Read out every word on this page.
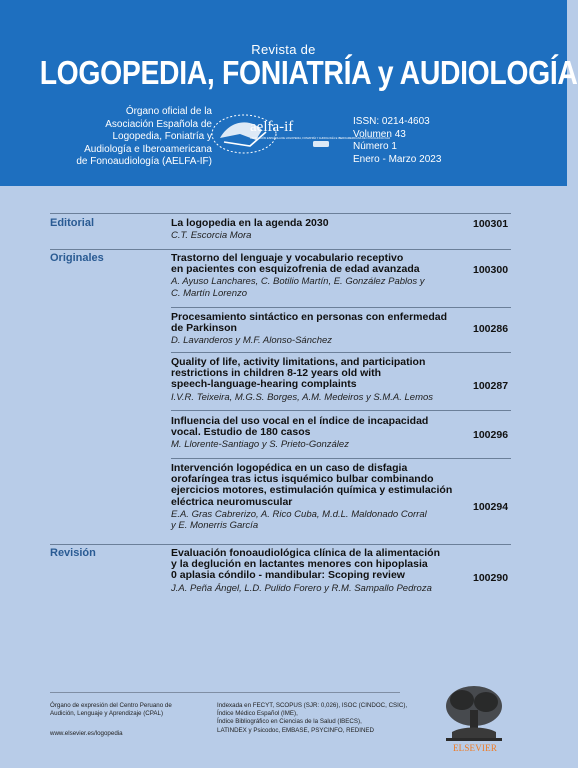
Revista de
LOGOPEDIA, FONIATRÍA y AUDIOLOGÍA
Órgano oficial de la
Asociación Española de
Logopedia, Foniatría y
Audiología e Iberoamericana
de Fonoaudiología (AELFA-IF)
aelfa-if
ASOCIACIÓN ESPAÑOLA DE LOGOPEDIA, FONIATRÍA Y AUDIOLOGÍA E IBEROAMERICANA DE FONOAUDIOLOGÍA
ISSN: 0214-4603
Volumen 43
Número 1
Enero - Marzo 2023
Editorial	La logopedia en la agenda 2030
C.T. Escorcia Mora
100301
Originales	Trastorno del lenguaje y vocabulario receptivo
en pacientes con esquizofrenia de edad avanzada
A. Ayuso Lanchares, C. Botilio Martín, E. González Pablos y
C. Martín Lorenzo
100300
Procesamiento sintáctico en personas con enfermedad
de Parkinson
D. Lavanderos y M.F. Alonso-Sánchez
100286
Quality of life, activity limitations, and participation
restrictions in children 8-12 years old with
speech-language-hearing complaints
I.V.R. Teixeira, M.G.S. Borges, A.M. Medeiros y S.M.A. Lemos
100287
Influencia del uso vocal en el índice de incapacidad
vocal. Estudio de 180 casos
M. Llorente-Santiago y S. Prieto-González
100296
Intervención logopédica en un caso de disfagia
orofaríngea tras ictus isquémico bulbar combinando
ejercicios motores, estimulación química y estimulación
eléctrica neuromuscular
E.A. Gras Cabrerizo, A. Rico Cuba, M.d.L. Maldonado Corral
y E. Monerris García
100294
Revisión	Evaluación fonoaudiológica clínica de la alimentación
y la deglución en lactantes menores con hipoplasia
0 aplasia cóndilo - mandibular: Scoping review
J.A. Peña Ángel, L.D. Pulido Forero y R.M. Sampallo Pedroza
100290
Órgano de expresión del Centro Peruano de
Audición, Lenguaje y Aprendizaje (CPAL)
www.elsevier.es/logopedia
Indexada en FECYT, SCOPUS (SJR: 0,026), ISOC (CINDOC, CSIC),
Índice Médico Español (IME),
Índice Bibliográfico en Ciencias de la Salud (IBECS),
LATINDEX y Psicodoc, EMBASE, PSYCINFO, REDINED
ELSEVIER
